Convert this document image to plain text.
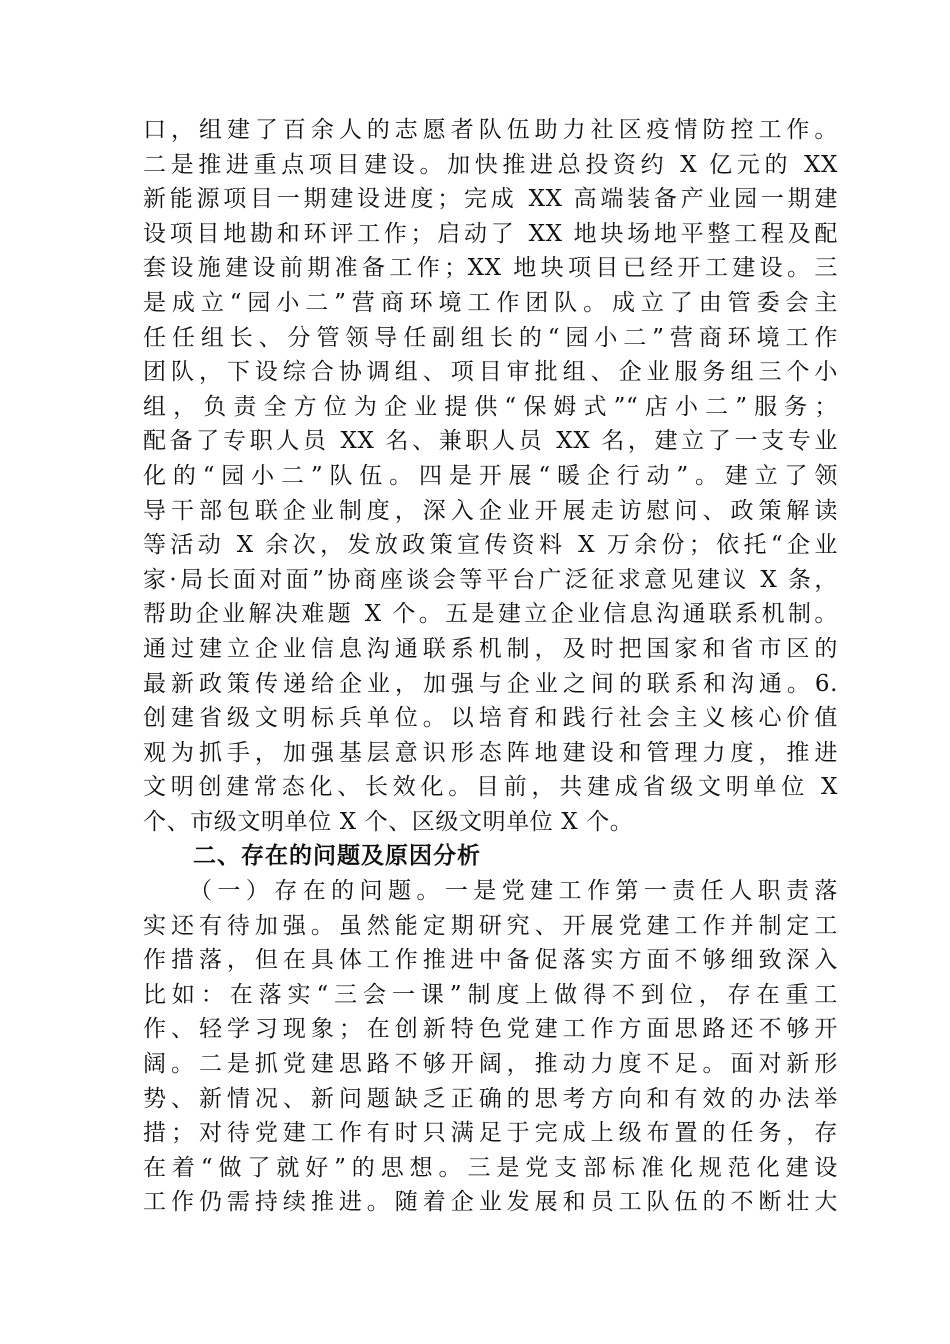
口，组建了百余人的志愿者队伍助力社区疫情防控工作。
二是推进重点项目建设。加快推进总投资约 X 亿元的 XX
新能源项目一期建设进度；完成 XX 高端装备产业园一期建
设项目地勘和环评工作；启动了 XX 地块场地平整工程及配
套设施建设前期准备工作；XX 地块项目已经开工建设。三
是成立“园小二”营商环境工作团队。成立了由管委会主
任任组长、分管领导任副组长的“园小二”营商环境工作
团队，下设综合协调组、项目审批组、企业服务组三个小
组，负责全方位为企业提供“保姆式”“店小二”服务；
配备了专职人员 XX 名、兼职人员 XX 名，建立了一支专业
化的“园小二”队伍。四是开展“暖企行动”。建立了领
导干部包联企业制度，深入企业开展走访慰问、政策解读
等活动 X 余次，发放政策宣传资料 X 万余份；依托“企业
家·局长面对面”协商座谈会等平台广泛征求意见建议 X 条，
帮助企业解决难题 X 个。五是建立企业信息沟通联系机制。
通过建立企业信息沟通联系机制，及时把国家和省市区的
最新政策传递给企业，加强与企业之间的联系和沟通。6.
创建省级文明标兵单位。以培育和践行社会主义核心价值
观为抓手，加强基层意识形态阵地建设和管理力度，推进
文明创建常态化、长效化。目前，共建成省级文明单位 X
个、市级文明单位 X 个、区级文明单位 X 个。
二、存在的问题及原因分析
（一）存在的问题。一是党建工作第一责任人职责落
实还有待加强。虽然能定期研究、开展党建工作并制定工
作措落，但在具体工作推进中备促落实方面不够细致深入
比如：在落实“三会一课”制度上做得不到位，存在重工
作、轻学习现象；在创新特色党建工作方面思路还不够开
阔。二是抓党建思路不够开阔，推动力度不足。面对新形
势、新情况、新问题缺乏正确的思考方向和有效的办法举
措；对待党建工作有时只满足于完成上级布置的任务，存
在着“做了就好”的思想。三是党支部标准化规范化建设
工作仍需持续推进。随着企业发展和员工队伍的不断壮大
